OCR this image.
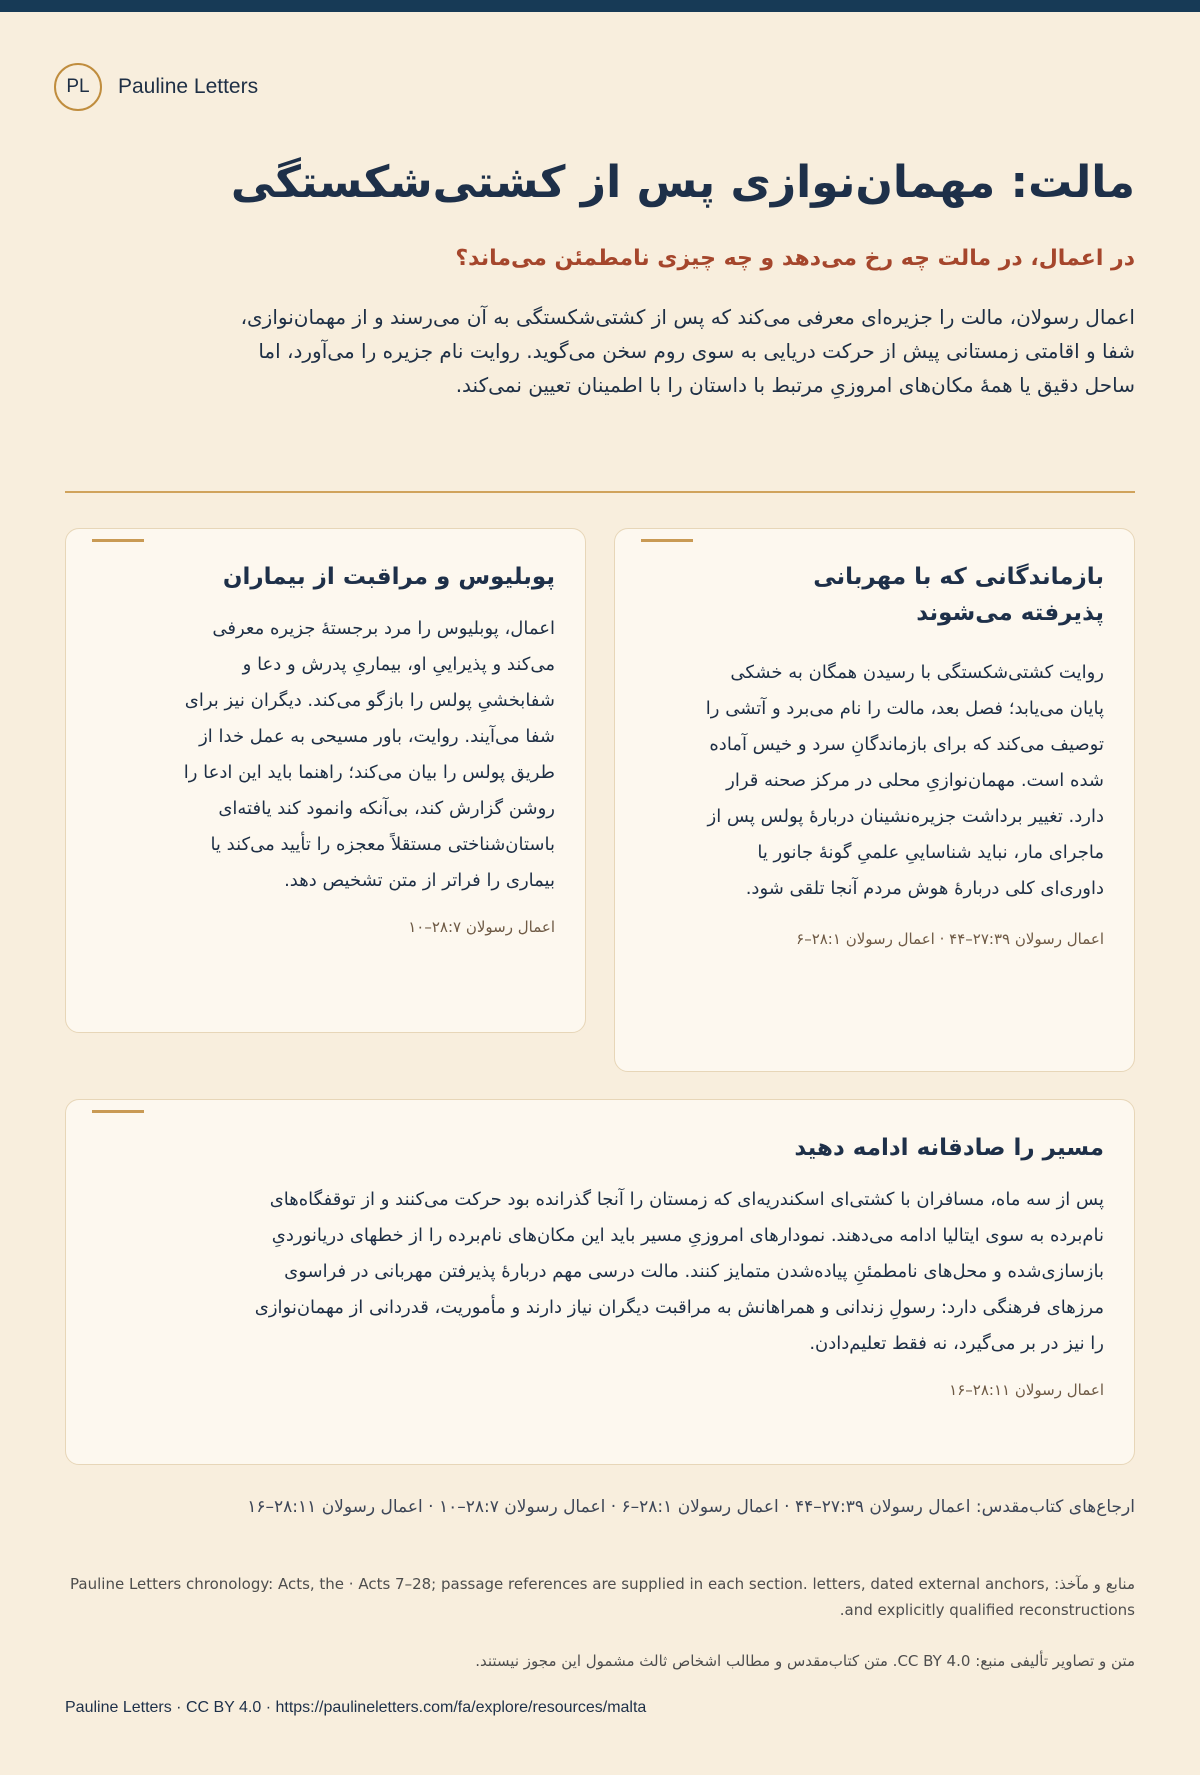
PL	Pauline Letters
مالت: مهمان‌نوازی پس از کشتی‌شکستگی

در اعمال، در مالت چه رخ می‌دهد و چه چیزی نامطمئن می‌ماند؟

اعمال رسولان، مالت را جزیره‌ای معرفی می‌کند که پس از کشتی‌شکستگی به آن می‌رسند و از مهمان‌نوازی، شفا و اقامتی زمستانی پیش از حرکت دریایی به سوی روم سخن می‌گوید. روایت نام جزیره را می‌آورد، اما ساحل دقیق یا همهٔ مکان‌های امروزیِ مرتبط با داستان را با اطمینان تعیین نمی‌کند.

بازماندگانی که با مهربانی پذیرفته می‌شوند

روایت کشتی‌شکستگی با رسیدن همگان به خشکی پایان می‌یابد؛ فصل بعد، مالت را نام می‌برد و آتشی را توصیف می‌کند که برای بازماندگانِ سرد و خیس آماده شده است. مهمان‌نوازیِ محلی در مرکز صحنه قرار دارد. تغییر برداشت جزیره‌نشینان دربارهٔ پولس پس از ماجرای مار، نباید شناساییِ علمیِ گونهٔ جانور یا داوری‌ای کلی دربارهٔ هوش مردم آنجا تلقی شود.

اعمال رسولان ۲۷:۳۹–۴۴ · اعمال رسولان ۲۸:۱–۶
پوبلیوس و مراقبت از بیماران

اعمال، پوبلیوس را مرد برجستهٔ جزیره معرفی می‌کند و پذیراییِ او، بیماریِ پدرش و دعا و شفابخشیِ پولس را بازگو می‌کند. دیگران نیز برای شفا می‌آیند. روایت، باور مسیحی به عمل خدا از طریق پولس را بیان می‌کند؛ راهنما باید این ادعا را روشن گزارش کند، بی‌آنکه وانمود کند یافته‌ای باستان‌شناختی مستقلاً معجزه را تأیید می‌کند یا بیماری را فراتر از متن تشخیص دهد.

اعمال رسولان ۲۸:۷–۱۰
مسیر را صادقانه ادامه دهید

پس از سه ماه، مسافران با کشتی‌ای اسکندریه‌ای که زمستان را آنجا گذرانده بود حرکت می‌کنند و از توقفگاه‌های نام‌برده به سوی ایتالیا ادامه می‌دهند. نمودارهای امروزیِ مسیر باید این مکان‌های نام‌برده را از خطهای دریانوردیِ بازسازی‌شده و محل‌های نامطمئنِ پیاده‌شدن متمایز کنند. مالت درسی مهم دربارهٔ پذیرفتن مهربانی در فراسوی مرزهای فرهنگی دارد: رسولِ زندانی و همراهانش به مراقبت دیگران نیاز دارند و مأموریت، قدردانی از مهمان‌نوازی را نیز در بر می‌گیرد، نه فقط تعلیم‌دادن.

اعمال رسولان ۲۸:۱۱–۱۶

ارجاع‌های کتاب‌مقدس: اعمال رسولان ۲۷:۳۹–۴۴ · اعمال رسولان ۲۸:۱–۶ · اعمال رسولان ۲۸:۷–۱۰ · اعمال رسولان ۲۸:۱۱–۱۶

منابع و مآخذ: Pauline Letters chronology: Acts, the · Acts 7–28; passage references are supplied in each section. letters, dated external anchors, and explicitly qualified reconstructions.

متن و تصاویر تألیفی منبع: CC BY 4.0. متن کتاب‌مقدس و مطالب اشخاص ثالث مشمول این مجوز نیستند.

Pauline Letters · CC BY 4.0 · https://paulineletters.com/fa/explore/resources/malta
